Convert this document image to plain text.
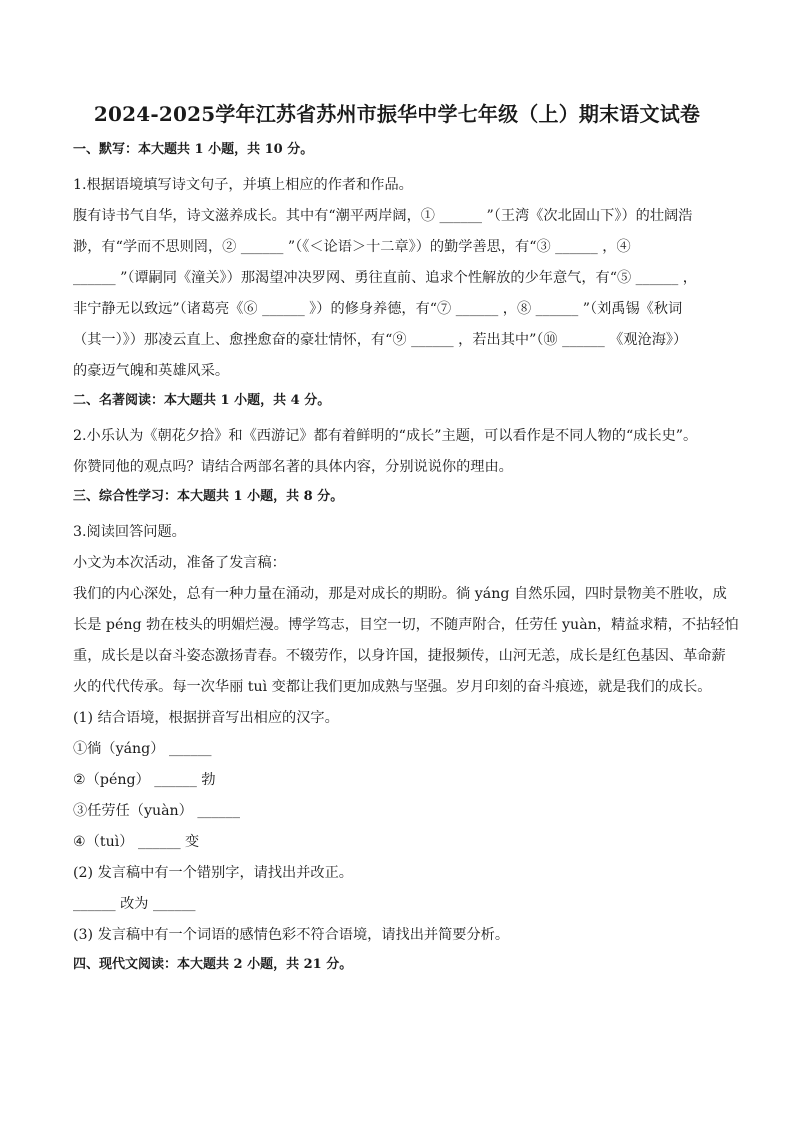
2024-2025学年江苏省苏州市振华中学七年级（上）期末语文试卷
一、默写：本大题共 1 小题，共 10 分。

1.根据语境填写诗文句子，并填上相应的作者和作品。

腹有诗书气自华，诗文滋养成长。其中有“潮平两岸阔，① ______ ”（王湾《次北固山下》）的壮阔浩

渺，有“学而不思则罔，② ______ ”（《＜论语＞十二章》）的勤学善思，有“③ ______ ，④

______ ”（谭嗣同《潼关》）那渴望冲决罗网、勇往直前、追求个性解放的少年意气，有“⑤ ______ ，

非宁静无以致远”（诸葛亮《⑥ ______ 》）的修身养德，有“⑦ ______ ，⑧ ______ ”（刘禹锡《秋词

（其一）》）那凌云直上、愈挫愈奋的豪壮情怀，有“⑨ ______ ，若出其中”（⑩ ______ 《观沧海》）

的豪迈气魄和英雄风采。

二、名著阅读：本大题共 1 小题，共 4 分。

2.小乐认为《朝花夕拾》和《西游记》都有着鲜明的“成长”主题，可以看作是不同人物的“成长史”。

你赞同他的观点吗？请结合两部名著的具体内容，分别说说你的理由。

三、综合性学习：本大题共 1 小题，共 8 分。

3.阅读回答问题。

小文为本次活动，准备了发言稿：

我们的内心深处，总有一种力量在涌动，那是对成长的期盼。徜 yáng 自然乐园，四时景物美不胜收，成

长是 péng 勃在枝头的明媚烂漫。博学笃志，目空一切，不随声附合，任劳任 yuàn，精益求精，不拈轻怕

重，成长是以奋斗姿态激扬青春。不辍劳作，以身许国，捷报频传，山河无恙，成长是红色基因、革命薪

火的代代传承。每一次华丽 tuì 变都让我们更加成熟与坚强。岁月印刻的奋斗痕迹，就是我们的成长。

(1) 结合语境，根据拼音写出相应的汉字。

①徜（yáng） ______

②（péng） ______ 勃

③任劳任（yuàn） ______

④（tuì） ______ 变

(2) 发言稿中有一个错别字，请找出并改正。

______ 改为 ______

(3) 发言稿中有一个词语的感情色彩不符合语境，请找出并简要分析。

四、现代文阅读：本大题共 2 小题，共 21 分。
